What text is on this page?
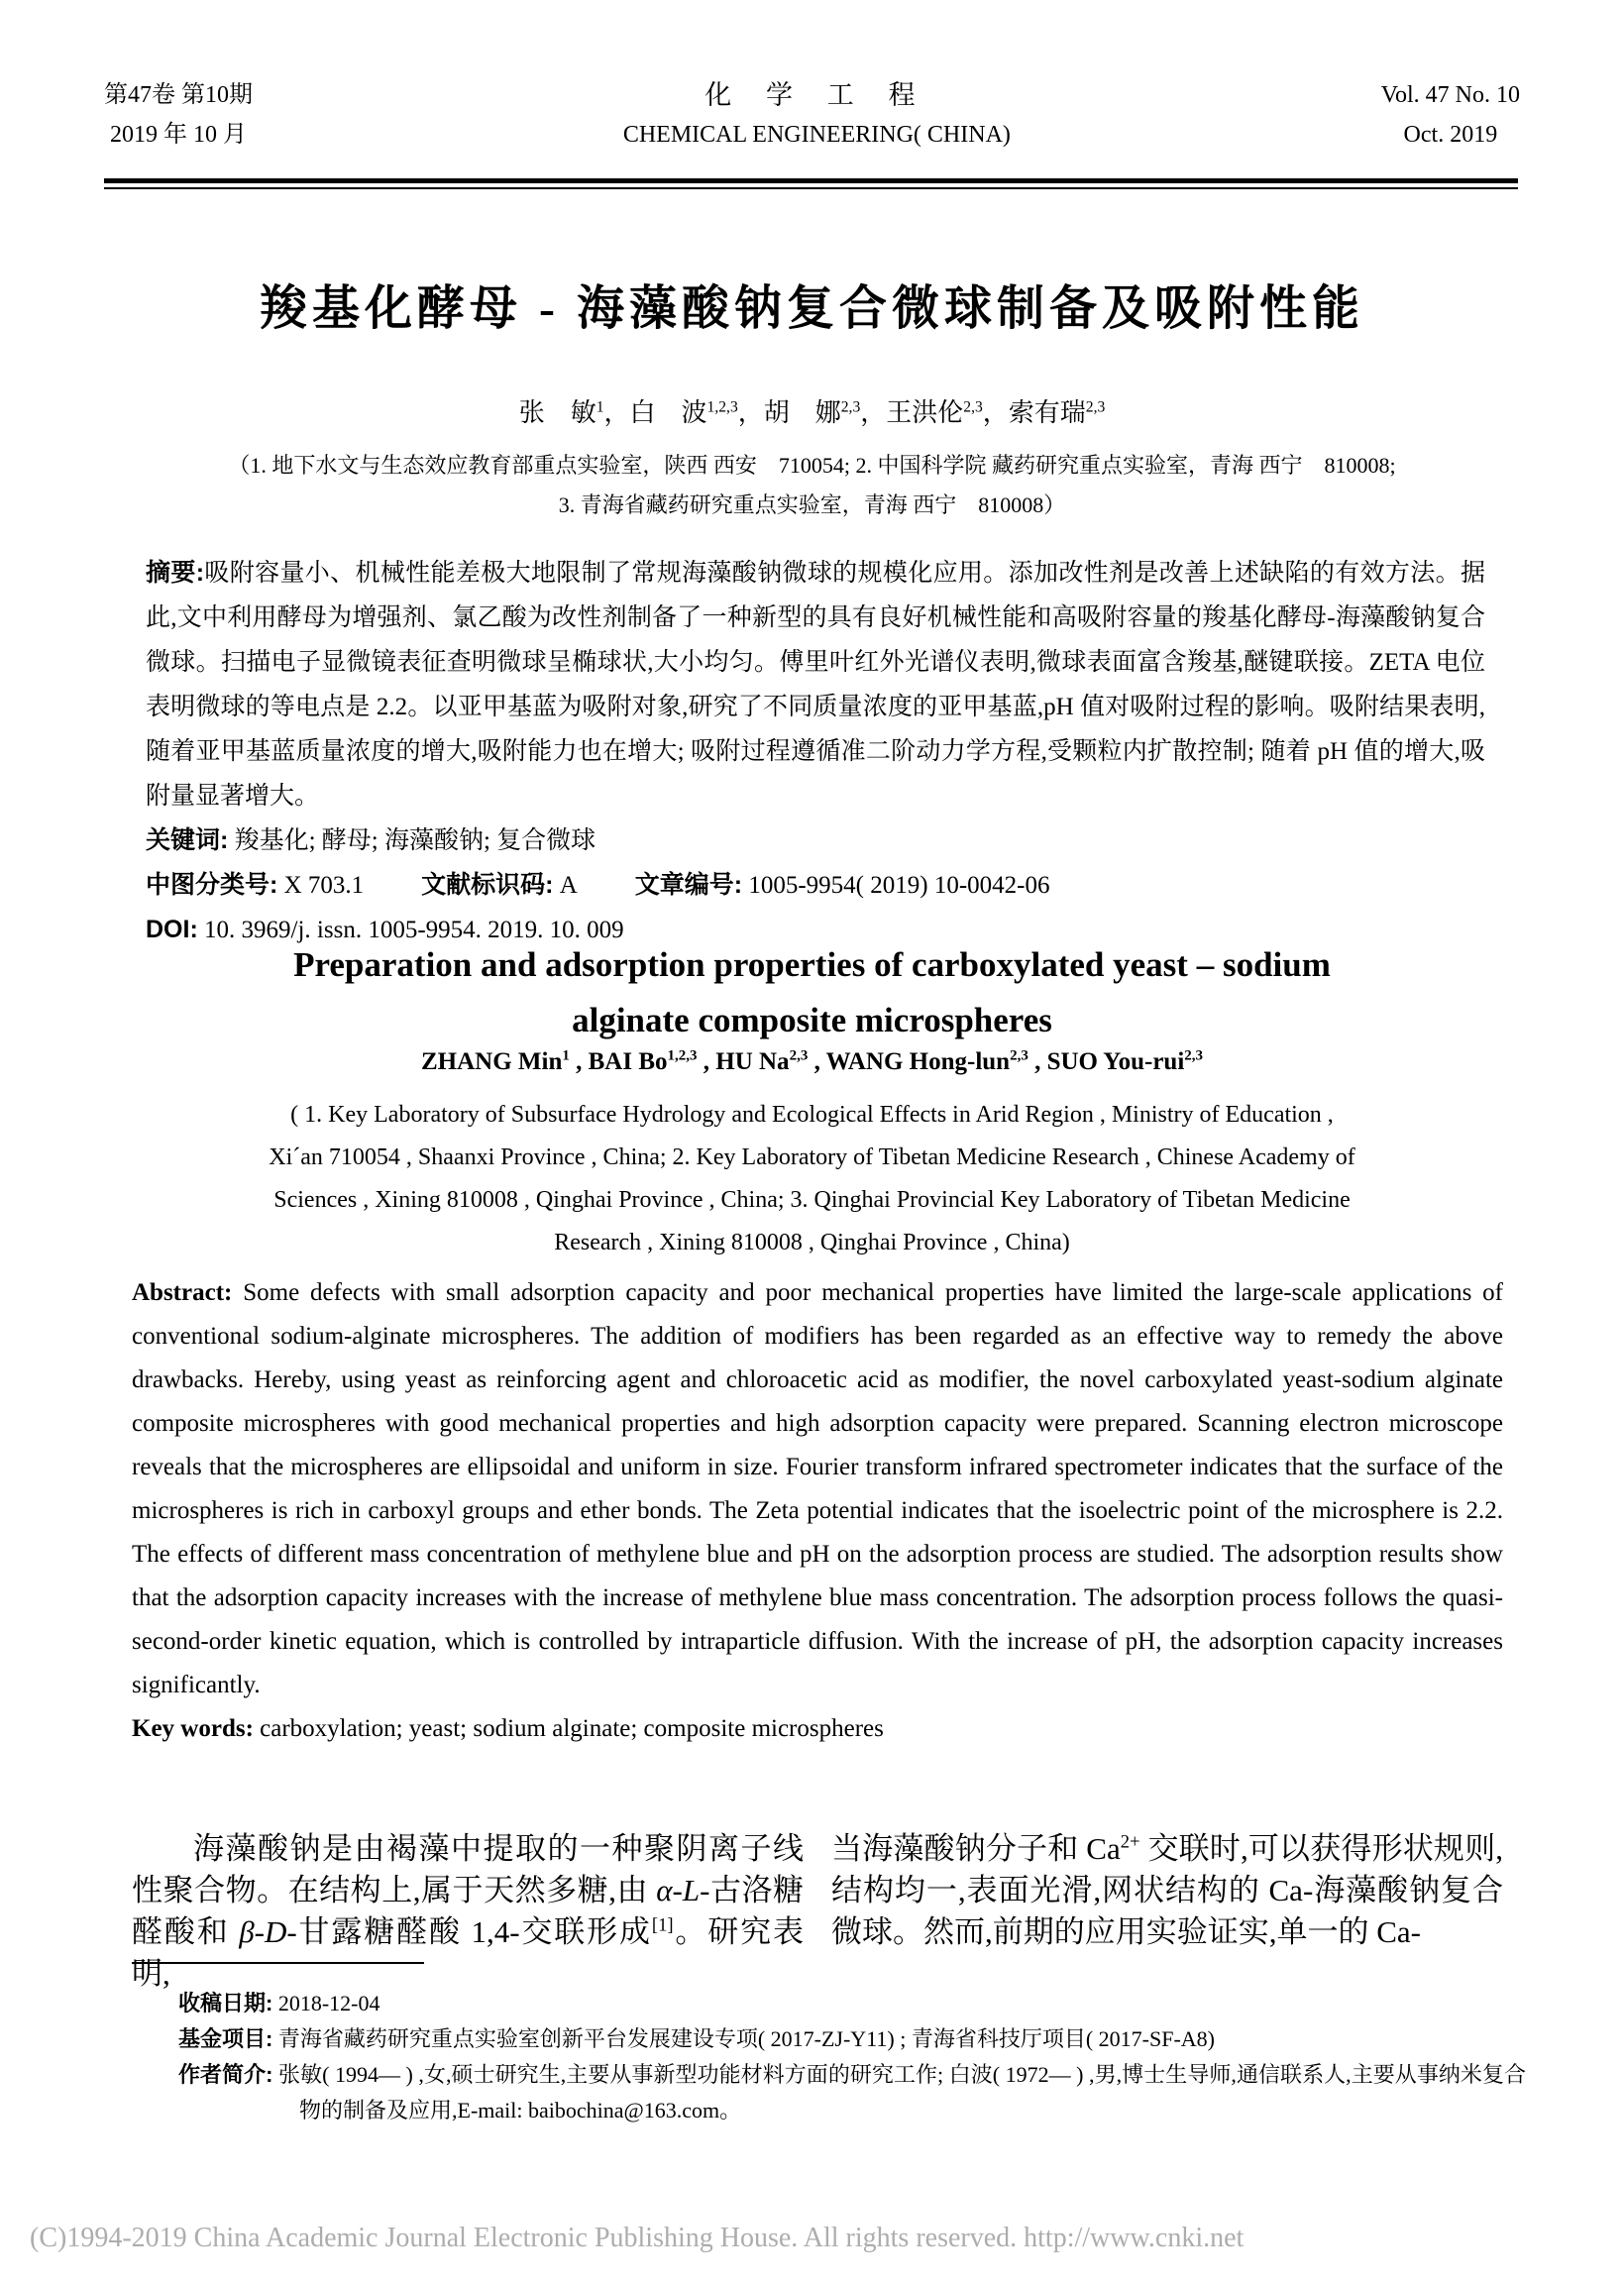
第47卷 第10期
2019 年 10 月
化 学 工 程
CHEMICAL ENGINEERING( CHINA)
Vol. 47 No. 10
Oct. 2019
羧基化酵母 - 海藻酸钠复合微球制备及吸附性能
张　敏$^1$，白　波$^{1,2,3}$，胡　娜$^{2,3}$，王洪伦$^{2,3}$，索有瑞$^{2,3}$
（1. 地下水文与生态效应教育部重点实验室，陕西 西安　710054; 2. 中国科学院 藏药研究重点实验室，青海 西宁　810008;
3. 青海省藏药研究重点实验室，青海 西宁　810008）

摘要:吸附容量小、机械性能差极大地限制了常规海藻酸钠微球的规模化应用。添加改性剂是改善上述缺陷的有效方法。据此,文中利用酵母为增强剂、氯乙酸为改性剂制备了一种新型的具有良好机械性能和高吸附容量的羧基化酵母-海藻酸钠复合微球。扫描电子显微镜表征查明微球呈椭球状,大小均匀。傅里叶红外光谱仪表明,微球表面富含羧基,醚键联接。ZETA 电位表明微球的等电点是 2.2。以亚甲基蓝为吸附对象,研究了不同质量浓度的亚甲基蓝,pH 值对吸附过程的影响。吸附结果表明,随着亚甲基蓝质量浓度的增大,吸附能力也在增大; 吸附过程遵循准二阶动力学方程,受颗粒内扩散控制; 随着 pH 值的增大,吸附量显著增大。

关键词: 羧基化; 酵母; 海藻酸钠; 复合微球

中图分类号: X 703.1 文献标识码: A 文章编号: 1005-9954( 2019) 10-0042-06

DOI: 10. 3969/j. issn. 1005-9954. 2019. 10. 009

Preparation and adsorption properties of carboxylated yeast – sodium
alginate composite microspheres
ZHANG Min$^1$ , BAI Bo$^{1,2,3}$ , HU Na$^{2,3}$ , WANG Hong-lun$^{2,3}$ , SUO You-rui$^{2,3}$
( 1. Key Laboratory of Subsurface Hydrology and Ecological Effects in Arid Region , Ministry of Education ,
Xi´an 710054 , Shaanxi Province , China; 2. Key Laboratory of Tibetan Medicine Research , Chinese Academy of
Sciences , Xining 810008 , Qinghai Province , China; 3. Qinghai Provincial Key Laboratory of Tibetan Medicine
Research , Xining 810008 , Qinghai Province , China)

Abstract: Some defects with small adsorption capacity and poor mechanical properties have limited the large-scale applications of conventional sodium-alginate microspheres. The addition of modifiers has been regarded as an effective way to remedy the above drawbacks. Hereby, using yeast as reinforcing agent and chloroacetic acid as modifier, the novel carboxylated yeast-sodium alginate composite microspheres with good mechanical properties and high adsorption capacity were prepared. Scanning electron microscope reveals that the microspheres are ellipsoidal and uniform in size. Fourier transform infrared spectrometer indicates that the surface of the microspheres is rich in carboxyl groups and ether bonds. The Zeta potential indicates that the isoelectric point of the microsphere is 2.2. The effects of different mass concentration of methylene blue and pH on the adsorption process are studied. The adsorption results show that the adsorption capacity increases with the increase of methylene blue mass concentration. The adsorption process follows the quasi-second-order kinetic equation, which is controlled by intraparticle diffusion. With the increase of pH, the adsorption capacity increases significantly.

Key words: carboxylation; yeast; sodium alginate; composite microspheres

海藻酸钠是由褐藻中提取的一种聚阴离子线性聚合物。在结构上,属于天然多糖,由 α-L-古洛糖醛酸和 β-D-甘露糖醛酸 1,4-交联形成[1]。研究表明,

当海藻酸钠分子和 $Ca^{2+}$ 交联时,可以获得形状规则,结构均一,表面光滑,网状结构的 Ca-海藻酸钠复合微球。然而,前期的应用实验证实,单一的 Ca-

收稿日期: 2018-12-04
基金项目: 青海省藏药研究重点实验室创新平台发展建设专项( 2017-ZJ-Y11) ; 青海省科技厅项目( 2017-SF-A8)
作者简介: 张敏( 1994— ) ,女,硕士研究生,主要从事新型功能材料方面的研究工作; 白波( 1972— ) ,男,博士生导师,通信联系人,主要从事纳米复合物的制备及应用,E-mail: baibochina@163.com。
(C)1994-2019 China Academic Journal Electronic Publishing House. All rights reserved. http://www.cnki.net
